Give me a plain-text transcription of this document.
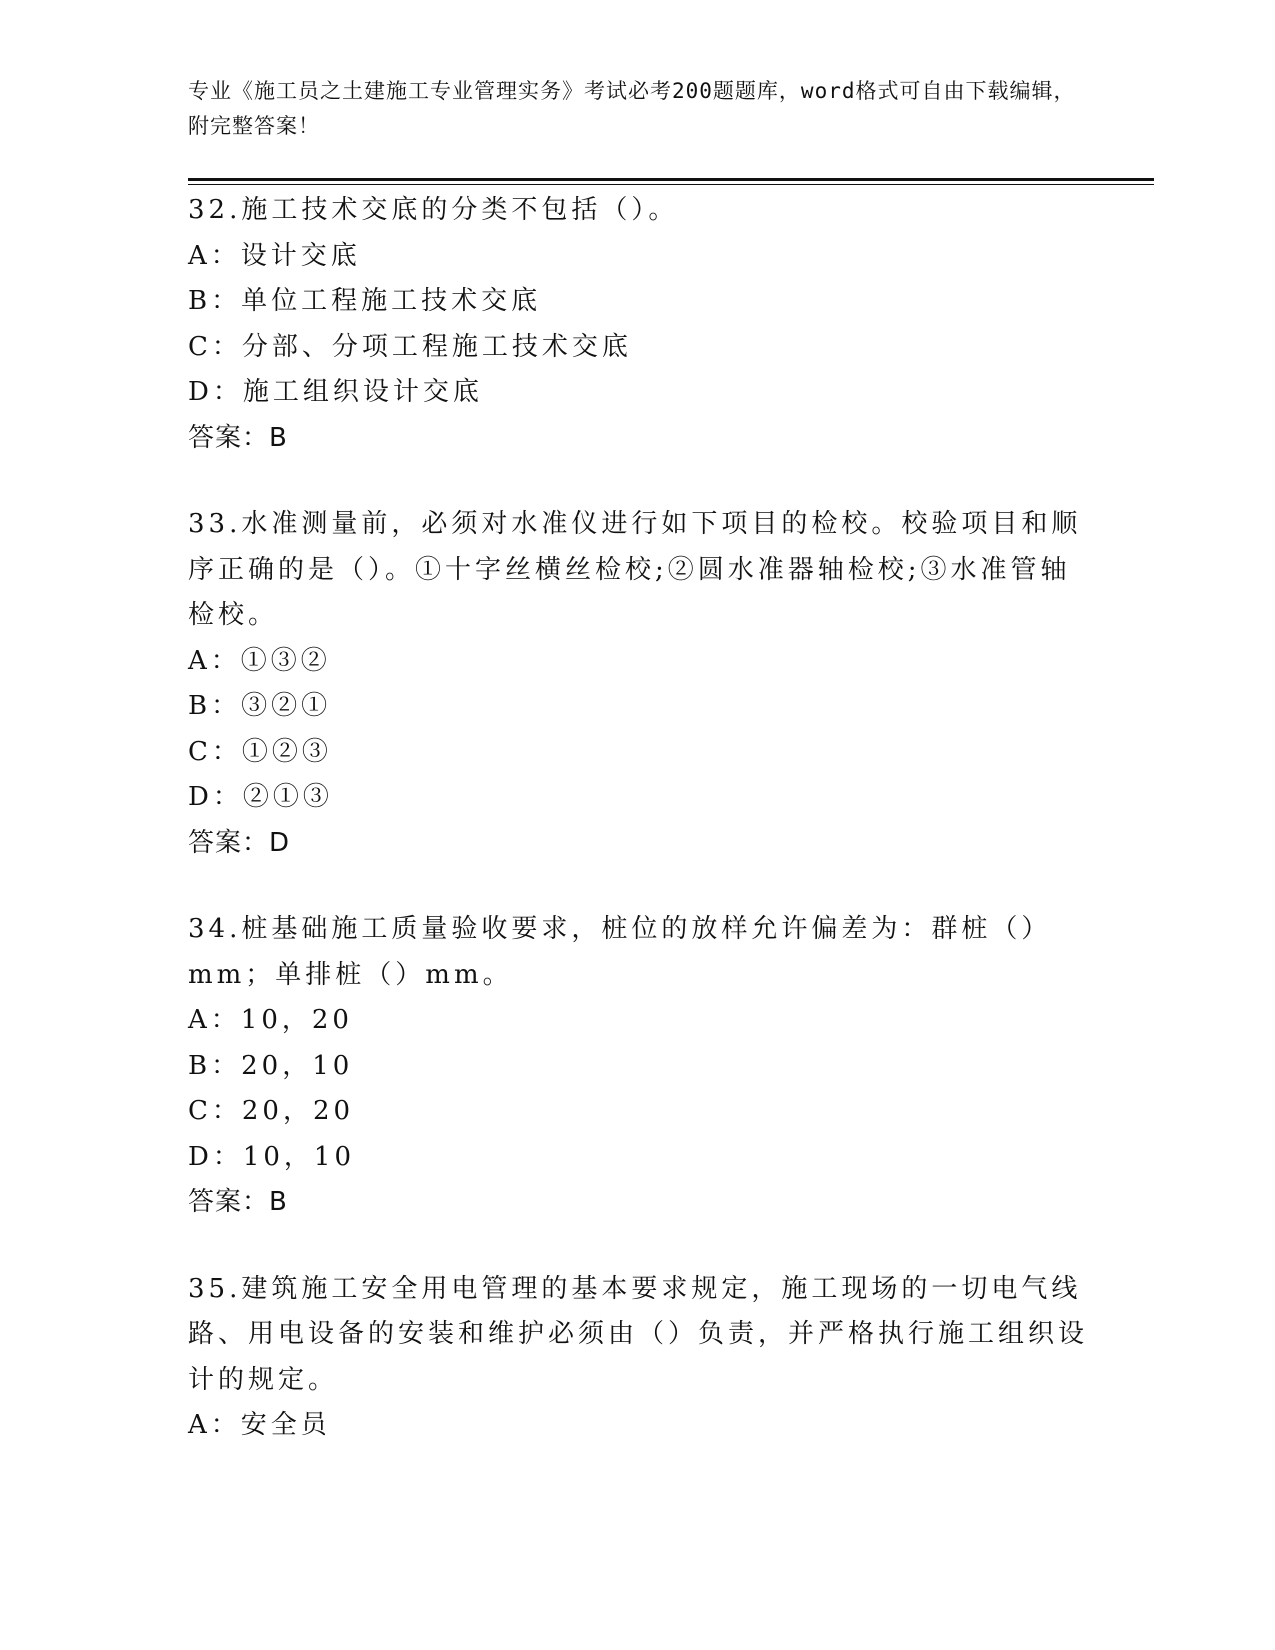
专业《施工员之土建施工专业管理实务》考试必考200题题库，word格式可自由下载编辑，附完整答案！
32.施工技术交底的分类不包括（）。
A：设计交底
B：单位工程施工技术交底
C：分部、分项工程施工技术交底
D：施工组织设计交底
答案：B
33.水准测量前，必须对水准仪进行如下项目的检校。校验项目和顺序正确的是（）。①十字丝横丝检校;②圆水准器轴检校;③水准管轴检校。
A：①③②
B：③②①
C：①②③
D：②①③
答案：D
34.桩基础施工质量验收要求，桩位的放样允许偏差为：群桩（）mm；单排桩（）mm。
A：10，20
B：20，10
C：20，20
D：10，10
答案：B
35.建筑施工安全用电管理的基本要求规定，施工现场的一切电气线路、用电设备的安装和维护必须由（）负责，并严格执行施工组织设计的规定。
A：安全员
